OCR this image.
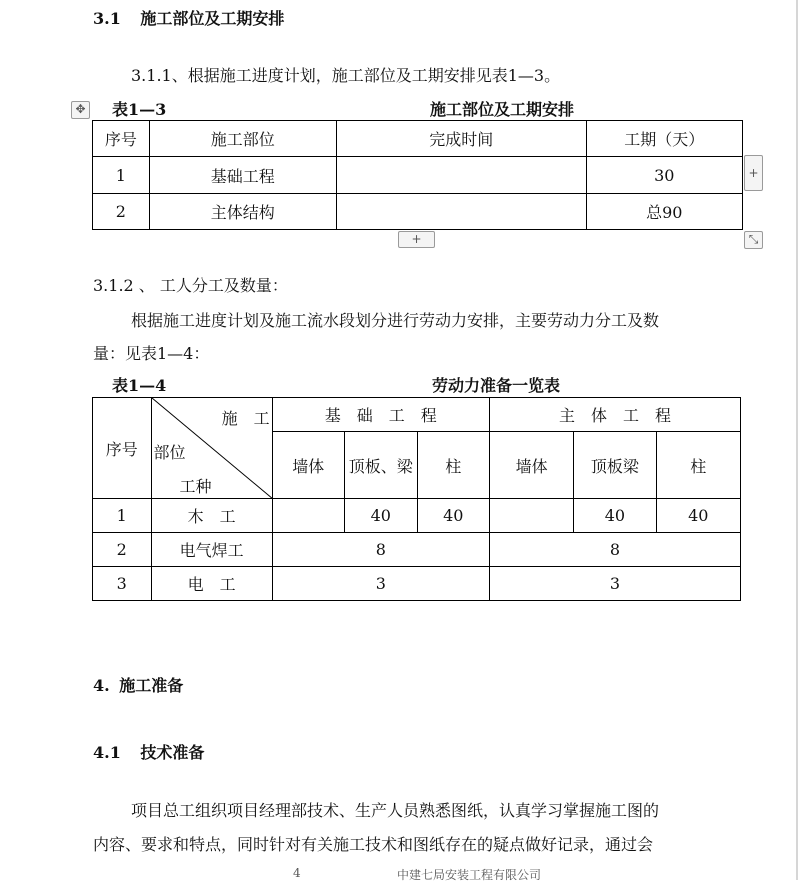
3.1 施工部位及工期安排
3.1.1、根据施工进度计划，施工部位及工期安排见表1—3。
表1—3	施工部位及工期安排
✥
序号	施工部位	完成时间	工期（天）
1	基础工程		30
2	主体结构		总90
+
+	⤡
3.1.2 、 工人分工及数量：
根据施工进度计划及施工流水段划分进行劳动力安排，主要劳动力分工及数
量：见表1—4：
表1—4	劳动力准备一览表
序号	施　工
部位
工种	基　础　工　程			主　体　工　程		
		墙体	顶板、梁	柱	墙体	顶板梁	柱
1	木　工		40	40		40	40
2	电气焊工	8			8		
3	电　工	3			3		
4. 施工准备
4.1 技术准备
项目总工组织项目经理部技术、生产人员熟悉图纸，认真学习掌握施工图的
内容、要求和特点，同时针对有关施工技术和图纸存在的疑点做好记录，通过会
4	中建七局安装工程有限公司
